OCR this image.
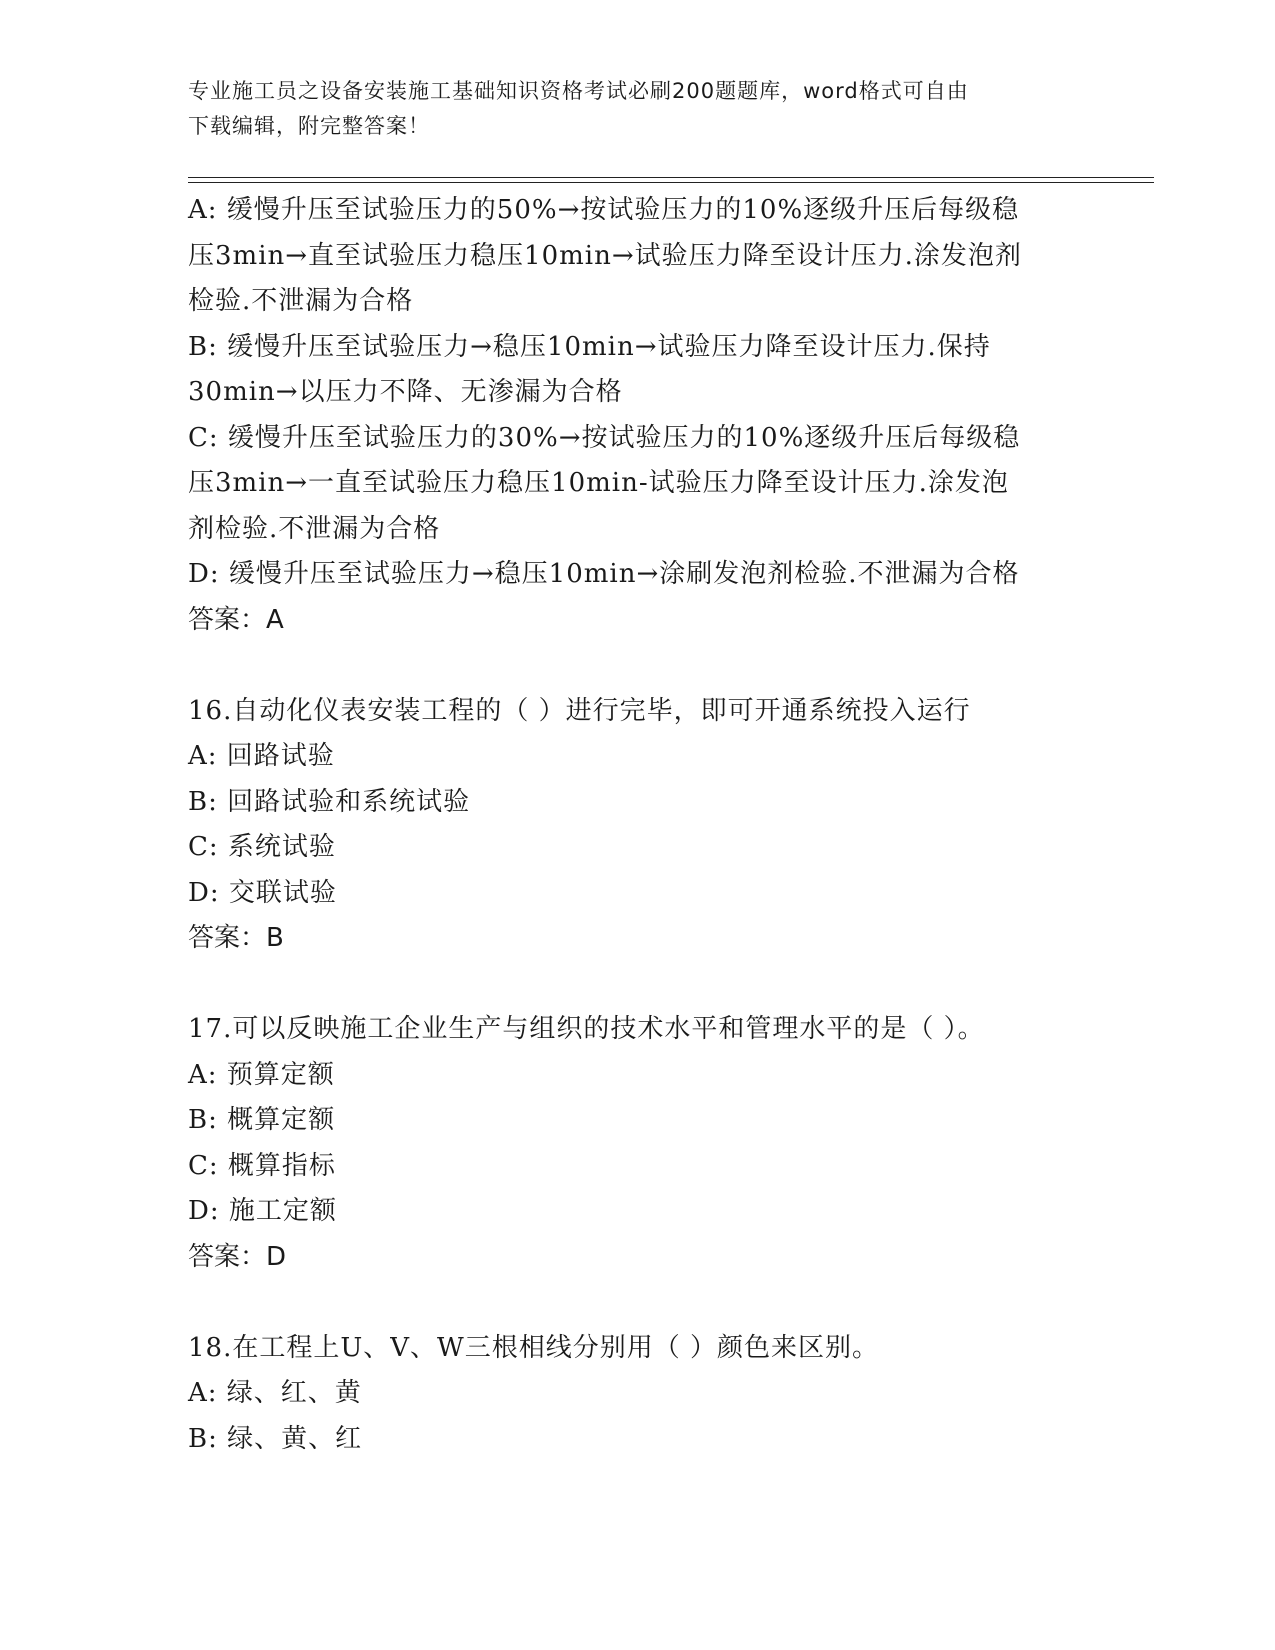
专业施工员之设备安装施工基础知识资格考试必刷200题题库，word格式可自由
下载编辑，附完整答案！
A: 缓慢升压至试验压力的50%→按试验压力的10%逐级升压后每级稳
压3min→直至试验压力稳压10min→试验压力降至设计压力.涂发泡剂
检验.不泄漏为合格
B: 缓慢升压至试验压力→稳压10min→试验压力降至设计压力.保持
30min→以压力不降、无渗漏为合格
C: 缓慢升压至试验压力的30%→按试验压力的10%逐级升压后每级稳
压3min→一直至试验压力稳压10min-试验压力降至设计压力.涂发泡
剂检验.不泄漏为合格
D: 缓慢升压至试验压力→稳压10min→涂刷发泡剂检验.不泄漏为合格
答案：A
16.自动化仪表安装工程的（ ）进行完毕，即可开通系统投入运行
A: 回路试验
B: 回路试验和系统试验
C: 系统试验
D: 交联试验
答案：B
17.可以反映施工企业生产与组织的技术水平和管理水平的是（ ）。
A: 预算定额
B: 概算定额
C: 概算指标
D: 施工定额
答案：D
18.在工程上U、V、W三根相线分别用（ ）颜色来区别。
A: 绿、红、黄
B: 绿、黄、红
